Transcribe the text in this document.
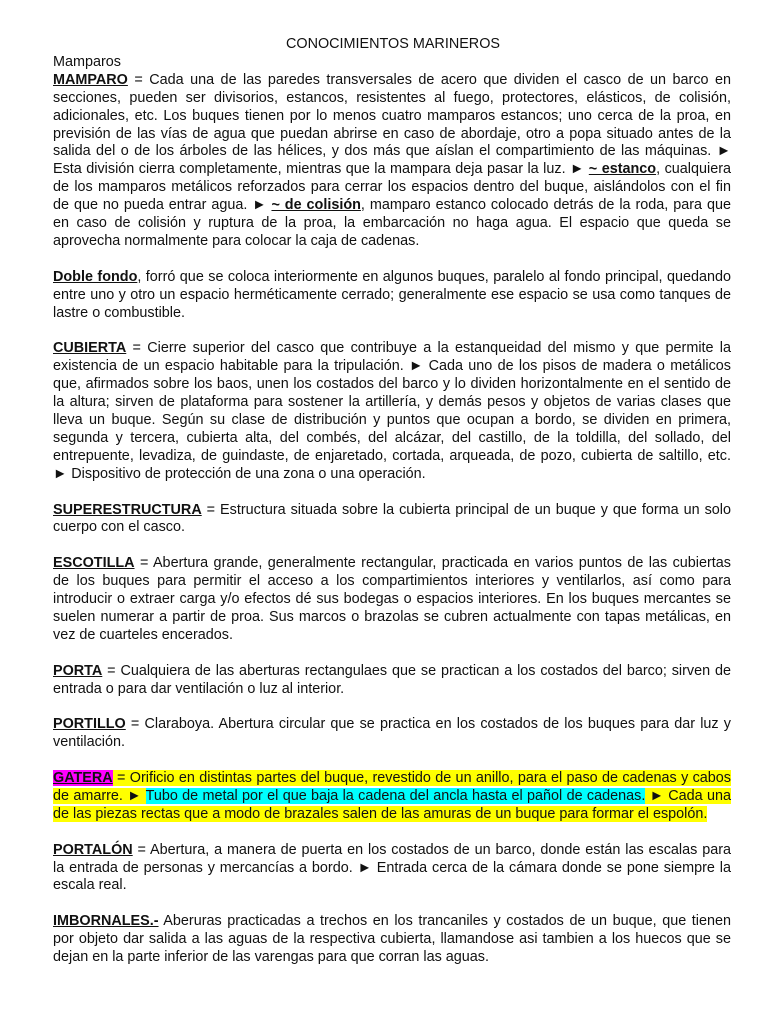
CONOCIMIENTOS MARINEROS

Mamparos

MAMPARO = Cada una de las paredes transversales de acero que dividen el casco de un barco en secciones, pueden ser divisorios, estancos, resistentes al fuego, protectores, elásticos, de colisión, adicionales, etc. Los buques tienen por lo menos cuatro mamparos estancos; uno cerca de la proa, en previsión de las vías de agua que puedan abrirse en caso de abordaje, otro a popa situado antes de la salida del o de los árboles de las hélices, y dos más que aíslan el compartimiento de las máquinas. ► Esta división cierra completamente, mientras que la mampara deja pasar la luz. ► ~ estanco, cualquiera de los mamparos metálicos reforzados para cerrar los espacios dentro del buque, aislándolos con el fin de que no pueda entrar agua. ► ~ de colisión, mamparo estanco colocado detrás de la roda, para que en caso de colisión y ruptura de la proa, la embarcación no haga agua. El espacio que queda se aprovecha normalmente para colocar la caja de cadenas.

Doble fondo, forró que se coloca interiormente en algunos buques, paralelo al fondo principal, quedando entre uno y otro un espacio herméticamente cerrado; generalmente ese espacio se usa como tanques de lastre o combustible.

CUBIERTA = Cierre superior del casco que contribuye a la estanqueidad del mismo y que permite la existencia de un espacio habitable para la tripulación. ► Cada uno de los pisos de madera o metálicos que, afirmados sobre los baos, unen los costados del barco y lo dividen horizontalmente en el sentido de la altura; sirven de plataforma para sostener la artillería, y demás pesos y objetos de varias clases que lleva un buque. Según su clase de distribución y puntos que ocupan a bordo, se dividen en primera, segunda y tercera, cubierta alta, del combés, del alcázar, del castillo, de la toldilla, del sollado, del entrepuente, levadiza, de guindaste, de enjaretado, cortada, arqueada, de pozo, cubierta de saltillo, etc. ► Dispositivo de protección de una zona o una operación.

SUPERESTRUCTURA = Estructura situada sobre la cubierta principal de un buque y que forma un solo cuerpo con el casco.

ESCOTILLA = Abertura grande, generalmente rectangular, practicada en varios puntos de las cubiertas de los buques para permitir el acceso a los compartimientos interiores y ventilarlos, así como para introducir o extraer carga y/o efectos dé sus bodegas o espacios interiores. En los buques mercantes se suelen numerar a partir de proa. Sus marcos o brazolas se cubren actualmente con tapas metálicas, en vez de cuarteles encerados.

PORTA = Cualquiera de las aberturas rectangulaes que se practican a los costados del barco; sirven de entrada o para dar ventilación o luz al interior.

PORTILLO = Claraboya. Abertura circular que se practica en los costados de los buques para dar luz y ventilación.

GATERA = Orificio en distintas partes del buque, revestido de un anillo, para el paso de cadenas y cabos de amarre. ► Tubo de metal por el que baja la cadena del ancla hasta el pañol de cadenas. ► Cada una de las piezas rectas que a modo de brazales salen de las amuras de un buque para formar el espolón.

PORTALÓN = Abertura, a manera de puerta en los costados de un barco, donde están las escalas para la entrada de personas y mercancías a bordo. ► Entrada cerca de la cámara donde se pone siempre la escala real.

IMBORNALES.- Aberuras practicadas a trechos en los trancaniles y costados de un buque, que tienen por objeto dar salida a las aguas de la respectiva cubierta, llamandose asi tambien a los huecos que se dejan en la parte inferior de las varengas para que corran las aguas.
